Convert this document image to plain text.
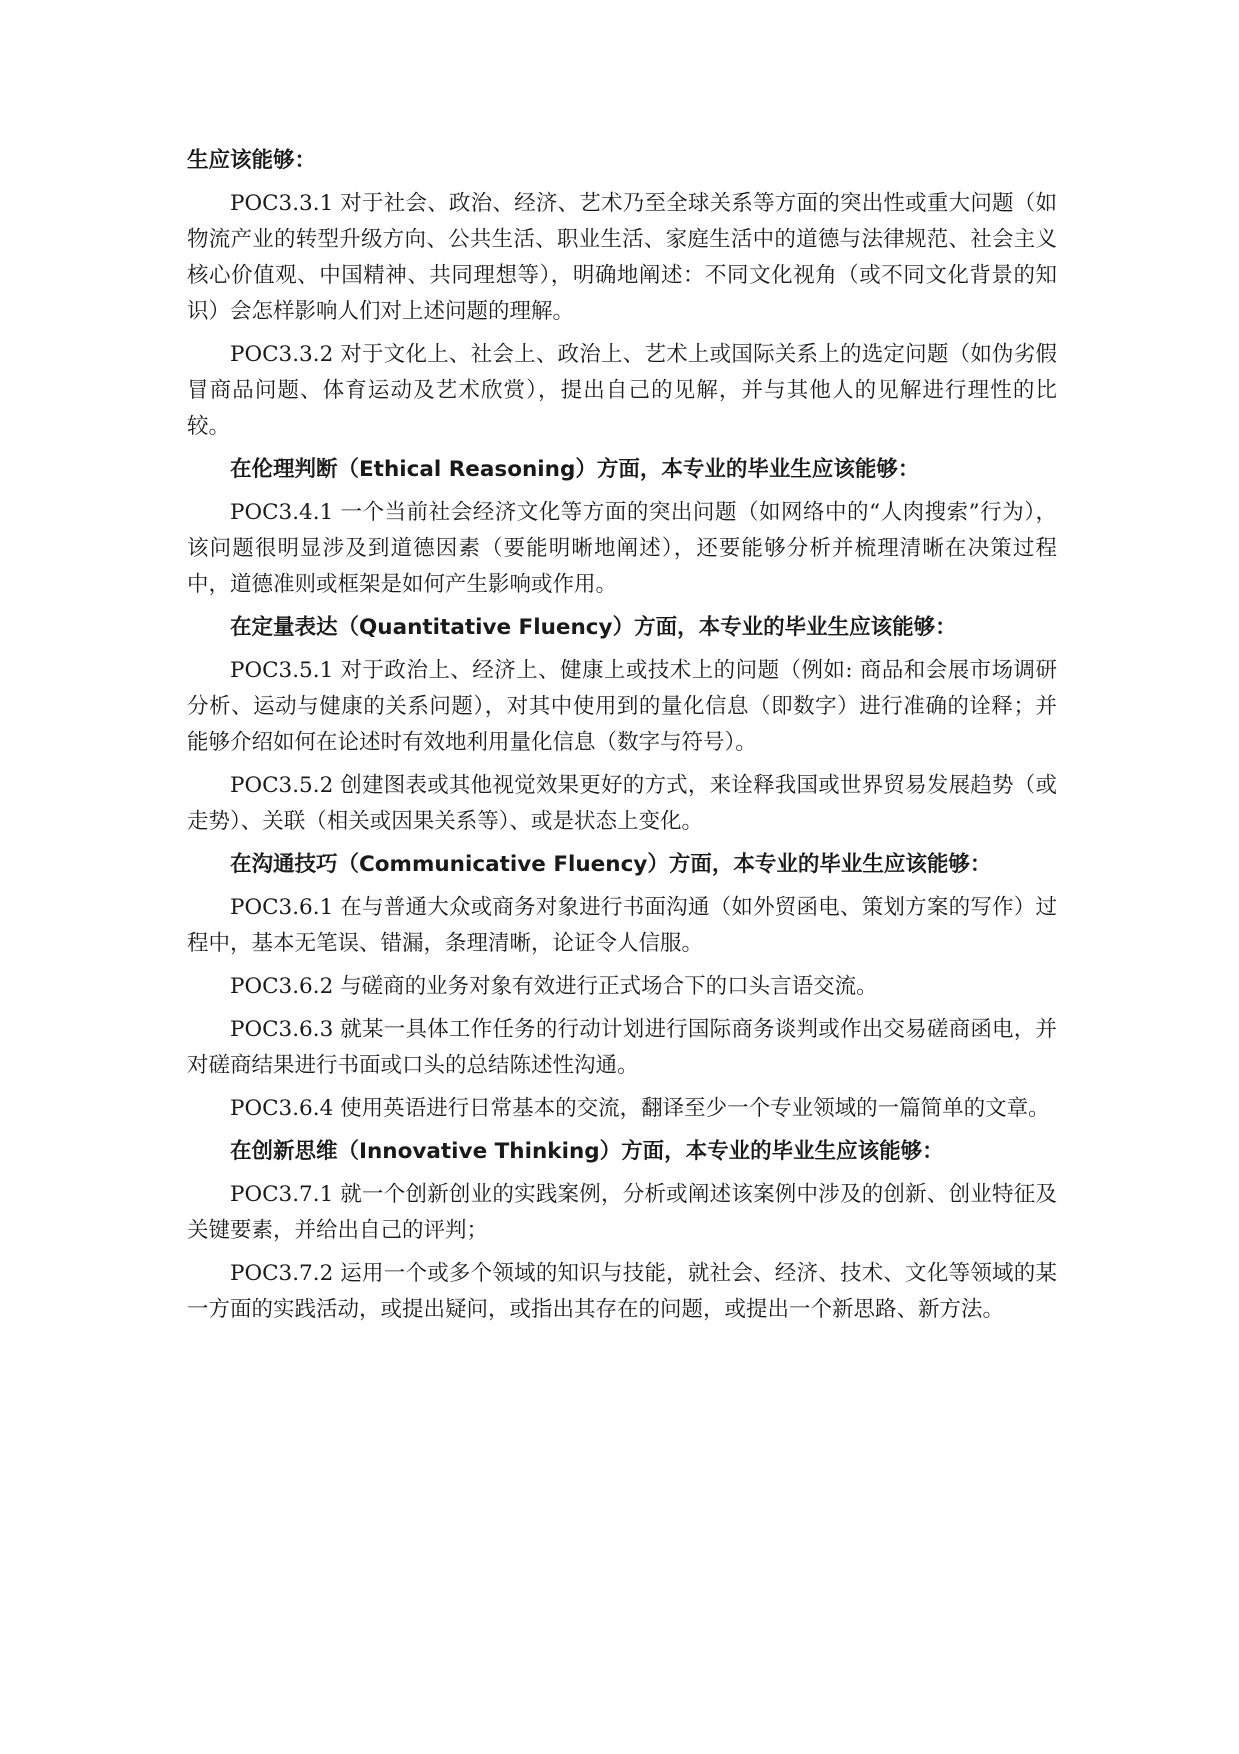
生应该能够：

POC3.3.1 对于社会、政治、经济、艺术乃至全球关系等方面的突出性或重大问题（如物流产业的转型升级方向、公共生活、职业生活、家庭生活中的道德与法律规范、社会主义核心价值观、中国精神、共同理想等），明确地阐述：不同文化视角（或不同文化背景的知识）会怎样影响人们对上述问题的理解。

POC3.3.2 对于文化上、社会上、政治上、艺术上或国际关系上的选定问题（如伪劣假冒商品问题、体育运动及艺术欣赏），提出自己的见解，并与其他人的见解进行理性的比较。

在伦理判断（Ethical Reasoning）方面，本专业的毕业生应该能够：

POC3.4.1 一个当前社会经济文化等方面的突出问题（如网络中的“人肉搜索”行为），该问题很明显涉及到道德因素（要能明晰地阐述），还要能够分析并梳理清晰在决策过程中，道德准则或框架是如何产生影响或作用。

在定量表达（Quantitative Fluency）方面，本专业的毕业生应该能够：

POC3.5.1 对于政治上、经济上、健康上或技术上的问题（例如: 商品和会展市场调研分析、运动与健康的关系问题），对其中使用到的量化信息（即数字）进行准确的诠释；并能够介绍如何在论述时有效地利用量化信息（数字与符号）。

POC3.5.2 创建图表或其他视觉效果更好的方式，来诠释我国或世界贸易发展趋势（或走势）、关联（相关或因果关系等）、或是状态上变化。

在沟通技巧（Communicative Fluency）方面，本专业的毕业生应该能够：

POC3.6.1 在与普通大众或商务对象进行书面沟通（如外贸函电、策划方案的写作）过程中，基本无笔误、错漏，条理清晰，论证令人信服。

POC3.6.2 与磋商的业务对象有效进行正式场合下的口头言语交流。

POC3.6.3 就某一具体工作任务的行动计划进行国际商务谈判或作出交易磋商函电，并对磋商结果进行书面或口头的总结陈述性沟通。

POC3.6.4 使用英语进行日常基本的交流，翻译至少一个专业领域的一篇简单的文章。

在创新思维（Innovative Thinking）方面，本专业的毕业生应该能够：

POC3.7.1 就一个创新创业的实践案例，分析或阐述该案例中涉及的创新、创业特征及关键要素，并给出自己的评判；

POC3.7.2 运用一个或多个领域的知识与技能，就社会、经济、技术、文化等领域的某一方面的实践活动，或提出疑问，或指出其存在的问题，或提出一个新思路、新方法。
